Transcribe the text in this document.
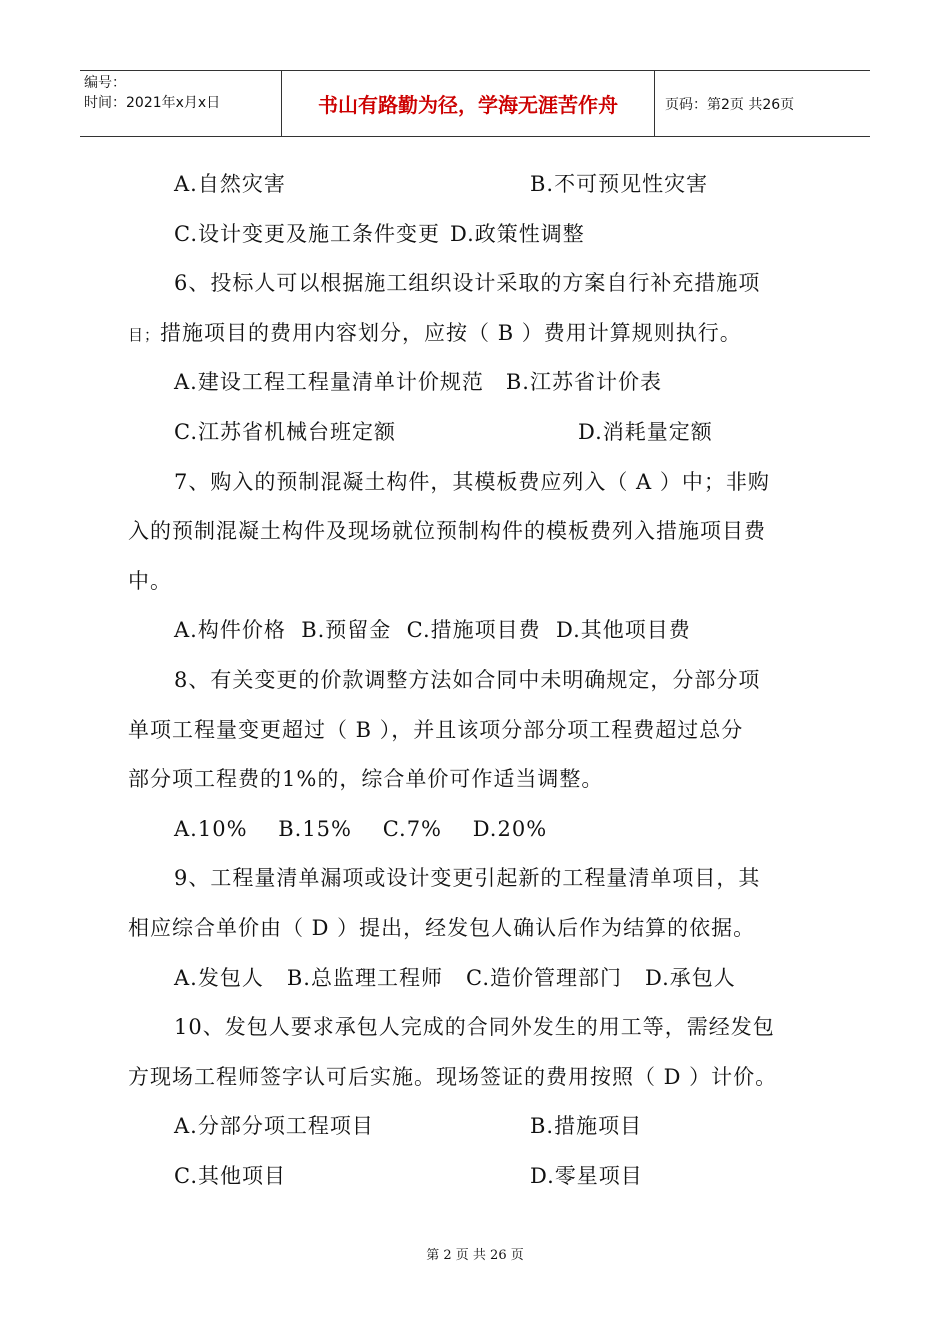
编号：
时间：2021年x月x日	书山有路勤为径，学海无涯苦作舟	页码：第2页 共26页
A.自然灾害	B.不可预见性灾害
C.设计变更及施工条件变更 D.政策性调整
6、投标人可以根据施工组织设计采取的方案自行补充措施项
目；措施项目的费用内容划分，应按（ B ）费用计算规则执行。
A.建设工程工程量清单计价规范 B.江苏省计价表
C.江苏省机械台班定额	D.消耗量定额
7、购入的预制混凝土构件，其模板费应列入（ A ）中；非购
入的预制混凝土构件及现场就位预制构件的模板费列入措施项目费
中。
A.构件价格  B.预留金  C.措施项目费  D.其他项目费
8、有关变更的价款调整方法如合同中未明确规定，分部分项
单项工程量变更超过（ B ），并且该项分部分项工程费超过总分
部分项工程费的1%的，综合单价可作适当调整。
A.10%    B.15%    C.7%    D.20%
9、工程量清单漏项或设计变更引起新的工程量清单项目，其
相应综合单价由（ D ）提出，经发包人确认后作为结算的依据。
A.发包人   B.总监理工程师   C.造价管理部门   D.承包人
10、发包人要求承包人完成的合同外发生的用工等，需经发包
方现场工程师签字认可后实施。现场签证的费用按照（ D ）计价。
A.分部分项工程项目	B.措施项目
C.其他项目	D.零星项目
第 2 页 共 26 页
